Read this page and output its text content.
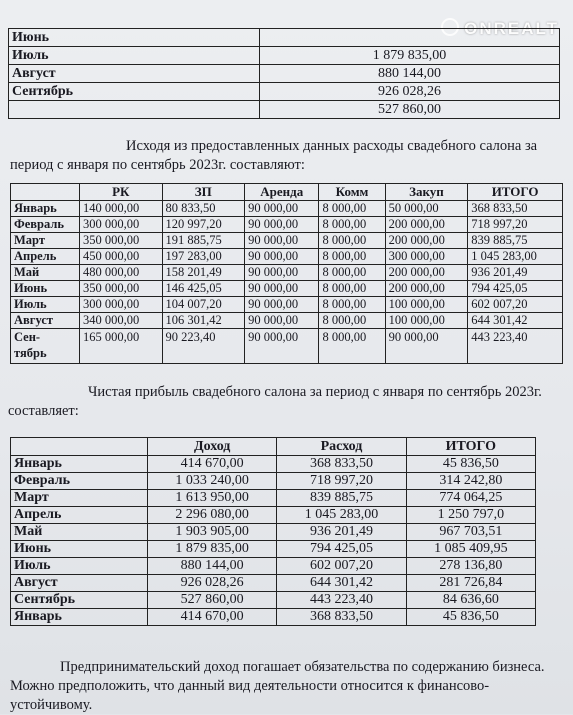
ONREALT
Июнь	
Июль	1 879 835,00
Август	880 144,00
Сентябрь	926 028,26
	527 860,00
Исходя из предоставленных данных расходы свадебного салона за период с января по сентябрь 2023г. составляют:
	РК	ЗП	Аренда	Комм	Закуп	ИТОГО
Январь	140 000,00	80 833,50	90 000,00	8 000,00	50 000,00	368 833,50
Февраль	300 000,00	120 997,20	90 000,00	8 000,00	200 000,00	718 997,20
Март	350 000,00	191 885,75	90 000,00	8 000,00	200 000,00	839 885,75
Апрель	450 000,00	197 283,00	90 000,00	8 000,00	300 000,00	1 045 283,00
Май	480 000,00	158 201,49	90 000,00	8 000,00	200 000,00	936 201,49
Июнь	350 000,00	146 425,05	90 000,00	8 000,00	200 000,00	794 425,05
Июль	300 000,00	104 007,20	90 000,00	8 000,00	100 000,00	602 007,20
Август	340 000,00	106 301,42	90 000,00	8 000,00	100 000,00	644 301,42
Сен-
тябрь	165 000,00	90 223,40	90 000,00	8 000,00	90 000,00	443 223,40
Чистая прибыль свадебного салона за период с января по сентябрь 2023г. составляет:
	Доход	Расход	ИТОГО
Январь	414 670,00	368 833,50	45 836,50
Февраль	1 033 240,00	718 997,20	314 242,80
Март	1 613 950,00	839 885,75	774 064,25
Апрель	2 296 080,00	1 045 283,00	1 250 797,0
Май	1 903 905,00	936 201,49	967 703,51
Июнь	1 879 835,00	794 425,05	1 085 409,95
Июль	880 144,00	602 007,20	278 136,80
Август	926 028,26	644 301,42	281 726,84
Сентябрь	527 860,00	443 223,40	84 636,60
Январь	414 670,00	368 833,50	45 836,50
Предпринимательский доход погашает обязательства по содержанию бизнеса. Можно предположить, что данный вид деятельности относится к финансово-устойчивому.
